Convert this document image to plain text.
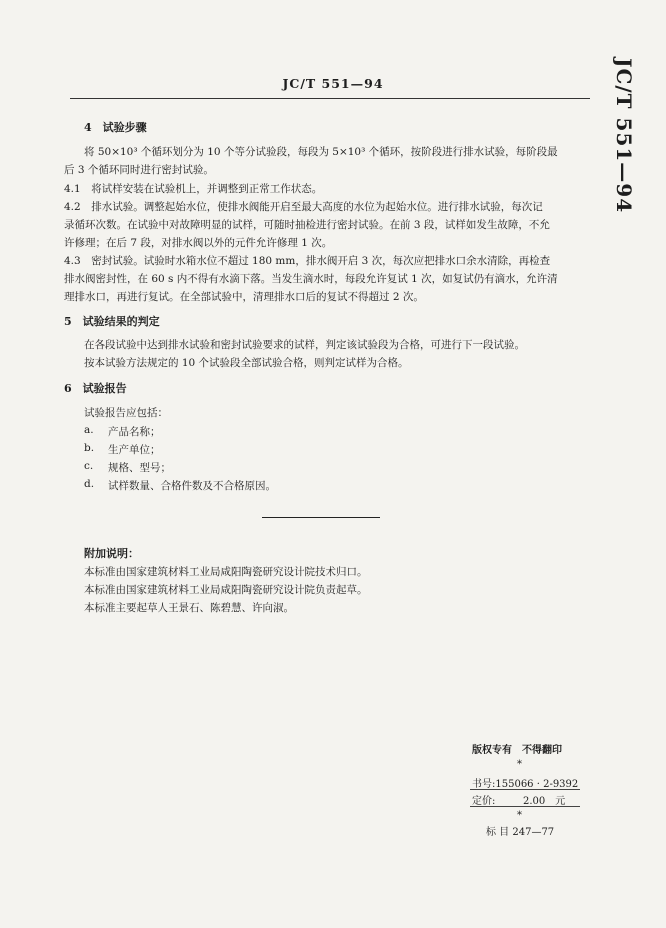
JC/T 551—94	JC/T 551—94
4　试验步骤
将 50×10³ 个循环划分为 10 个等分试验段，每段为 5×10³ 个循环，按阶段进行排水试验，每阶段最
后 3 个循环同时进行密封试验。
4.1　将试样安装在试验机上，并调整到正常工作状态。
4.2　排水试验。调整起始水位，使排水阀能开启至最大高度的水位为起始水位。进行排水试验，每次记
录循环次数。在试验中对故障明显的试样，可随时抽检进行密封试验。在前 3 段，试样如发生故障，不允
许修理；在后 7 段，对排水阀以外的元件允许修理 1 次。
4.3　密封试验。试验时水箱水位不超过 180 mm，排水阀开启 3 次，每次应把排水口余水清除，再检查
排水阀密封性，在 60 s 内不得有水滴下落。当发生滴水时，每段允许复试 1 次，如复试仍有滴水，允许清
理排水口，再进行复试。在全部试验中，清理排水口后的复试不得超过 2 次。
5　试验结果的判定
在各段试验中达到排水试验和密封试验要求的试样，判定该试验段为合格，可进行下一段试验。
按本试验方法规定的 10 个试验段全部试验合格，则判定试样为合格。
6　试验报告
试验报告应包括：
a. 产品名称；
b. 生产单位；
c. 规格、型号；
d. 试样数量、合格件数及不合格原因。
附加说明：
本标准由国家建筑材料工业局咸阳陶瓷研究设计院技术归口。
本标准由国家建筑材料工业局咸阳陶瓷研究设计院负责起草。
本标准主要起草人王景石、陈碧慧、许向淑。
版权专有　不得翻印
*
书号:155066 · 2-9392
定价:	2.00　元
*
标 目 247—77
